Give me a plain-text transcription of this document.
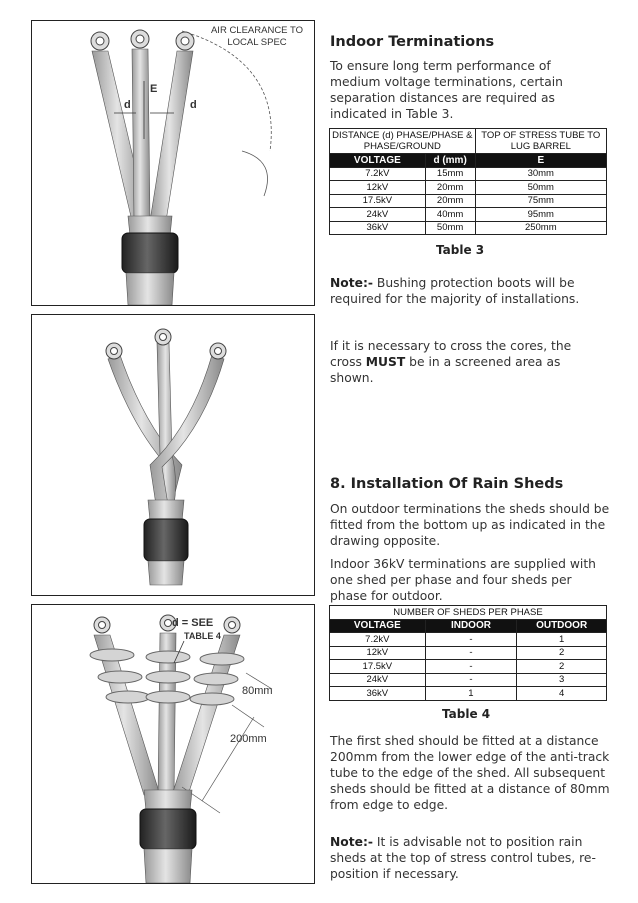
AIR CLEARANCE TO LOCAL SPEC
E
d	d
d = SEE
TABLE 4
80mm
200mm
Indoor Terminations

To ensure long term performance of medium voltage terminations, certain separation distances are required as indicated in Table 3.

DISTANCE (d) PHASE/PHASE & PHASE/GROUND		TOP OF STRESS TUBE TO LUG BARREL
VOLTAGE	d (mm)	E
7.2kV	15mm	30mm
12kV	20mm	50mm
17.5kV	20mm	75mm
24kV	40mm	95mm
36kV	50mm	250mm
Table 3

Note:- Bushing protection boots will be required for the majority of installations.

If it is necessary to cross the cores, the cross MUST be in a screened area as shown.

8. Installation Of Rain Sheds

On outdoor terminations the sheds should be fitted from the bottom up as indicated in the drawing opposite.

Indoor 36kV terminations are supplied with one shed per phase and four sheds per phase for outdoor.

NUMBER OF SHEDS PER PHASE		
VOLTAGE	INDOOR	OUTDOOR
7.2kV	-	1
12kV	-	2
17.5kV	-	2
24kV	-	3
36kV	1	4
Table 4

The first shed should be fitted at a distance 200mm from the lower edge of the anti-track tube to the edge of the shed. All subsequent sheds should be fitted at a distance of 80mm from edge to edge.

Note:- It is advisable not to position rain sheds at the top of stress control tubes, re-position if necessary.
